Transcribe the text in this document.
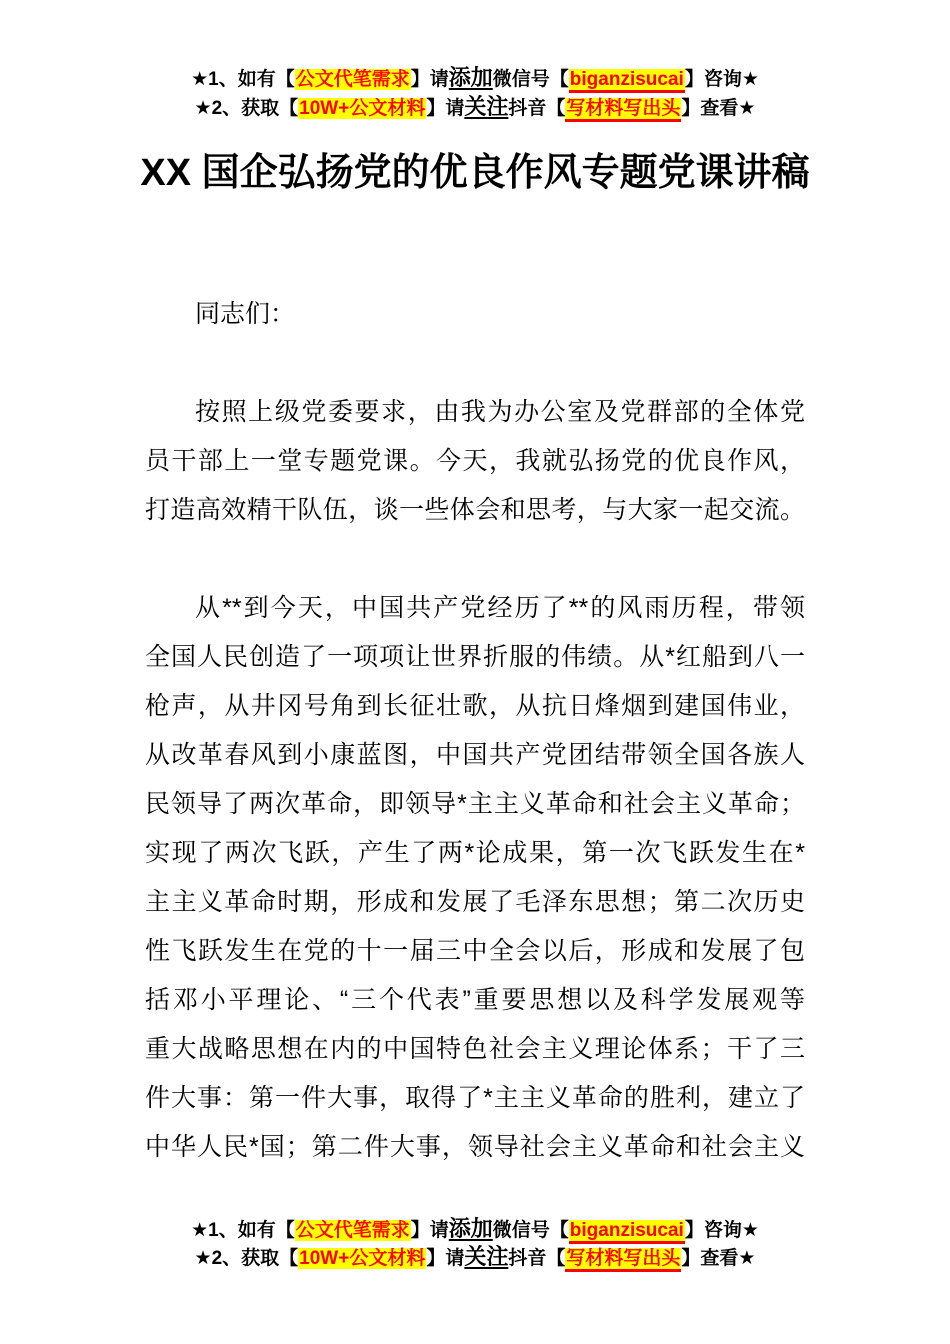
★1、如有【公文代笔需求】请添加微信号【biganzisucai】咨询★
★2、获取【10W+公文材料】请关注抖音【写材料写出头】查看★
XX 国企弘扬党的优良作风专题党课讲稿
同志们：
按照上级党委要求，由我为办公室及党群部的全体党
员干部上一堂专题党课。今天，我就弘扬党的优良作风，
打造高效精干队伍，谈一些体会和思考，与大家一起交流。
从**到今天，中国共产党经历了**的风雨历程，带领
全国人民创造了一项项让世界折服的伟绩。从*红船到八一
枪声，从井冈号角到长征壮歌，从抗日烽烟到建国伟业，
从改革春风到小康蓝图，中国共产党团结带领全国各族人
民领导了两次革命，即领导*主主义革命和社会主义革命；
实现了两次飞跃，产生了两*论成果，第一次飞跃发生在*
主主义革命时期，形成和发展了毛泽东思想；第二次历史
性飞跃发生在党的十一届三中全会以后，形成和发展了包
括邓小平理论、“三个代表”重要思想以及科学发展观等
重大战略思想在内的中国特色社会主义理论体系；干了三
件大事：第一件大事，取得了*主主义革命的胜利，建立了
中华人民*国；第二件大事，领导社会主义革命和社会主义
★1、如有【公文代笔需求】请添加微信号【biganzisucai】咨询★
★2、获取【10W+公文材料】请关注抖音【写材料写出头】查看★
